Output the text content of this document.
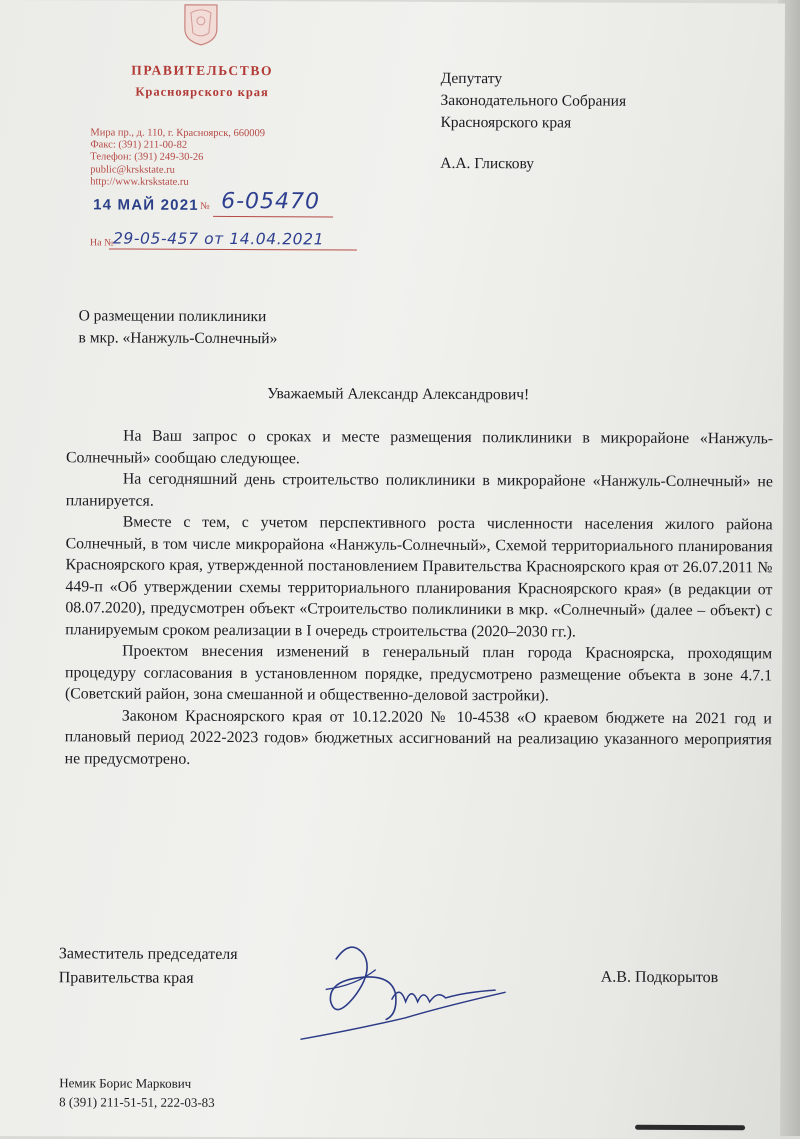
ПРАВИТЕЛЬСТВО
Красноярского края
Мира пр., д. 110, г. Красноярск, 660009
Факс: (391) 211-00-82
Телефон: (391) 249-30-26
public@krskstate.ru
http://www.krskstate.ru
14 МАЙ 2021 № 6-05470
На № 29-05-457 от 14.04.2021
Депутату
Законодательного Собрания
Красноярского края
А.А. Глискову
О размещении поликлиники
в мкр. «Нанжуль-Солнечный»
Уважаемый Александр Александрович!

На Ваш запрос о сроках и месте размещения поликлиники в микрорайоне «Нанжуль-Солнечный» сообщаю следующее.

На сегодняшний день строительство поликлиники в микрорайоне «Нанжуль-Солнечный» не планируется.

Вместе с тем, с учетом перспективного роста численности населения жилого района Солнечный, в том числе микрорайона «Нанжуль-Солнечный», Схемой территориального планирования Красноярского края, утвержденной постановлением Правительства Красноярского края от 26.07.2011 № 449-п «Об утверждении схемы территориального планирования Красноярского края» (в редакции от 08.07.2020), предусмотрен объект «Строительство поликлиники в мкр. «Солнечный» (далее – объект) с планируемым сроком реализации в I очередь строительства (2020–2030 гг.).

Проектом внесения изменений в генеральный план города Красноярска, проходящим процедуру согласования в установленном порядке, предусмотрено размещение объекта в зоне 4.7.1 (Советский район, зона смешанной и общественно-деловой застройки).

Законом Красноярского края от 10.12.2020 № 10-4538 «О краевом бюджете на 2021 год и плановый период 2022-2023 годов» бюджетных ассигнований на реализацию указанного мероприятия не предусмотрено.

Заместитель председателя
Правительства края	А.В. Подкорытов
Немик Борис Маркович
8 (391) 211-51-51, 222-03-83
